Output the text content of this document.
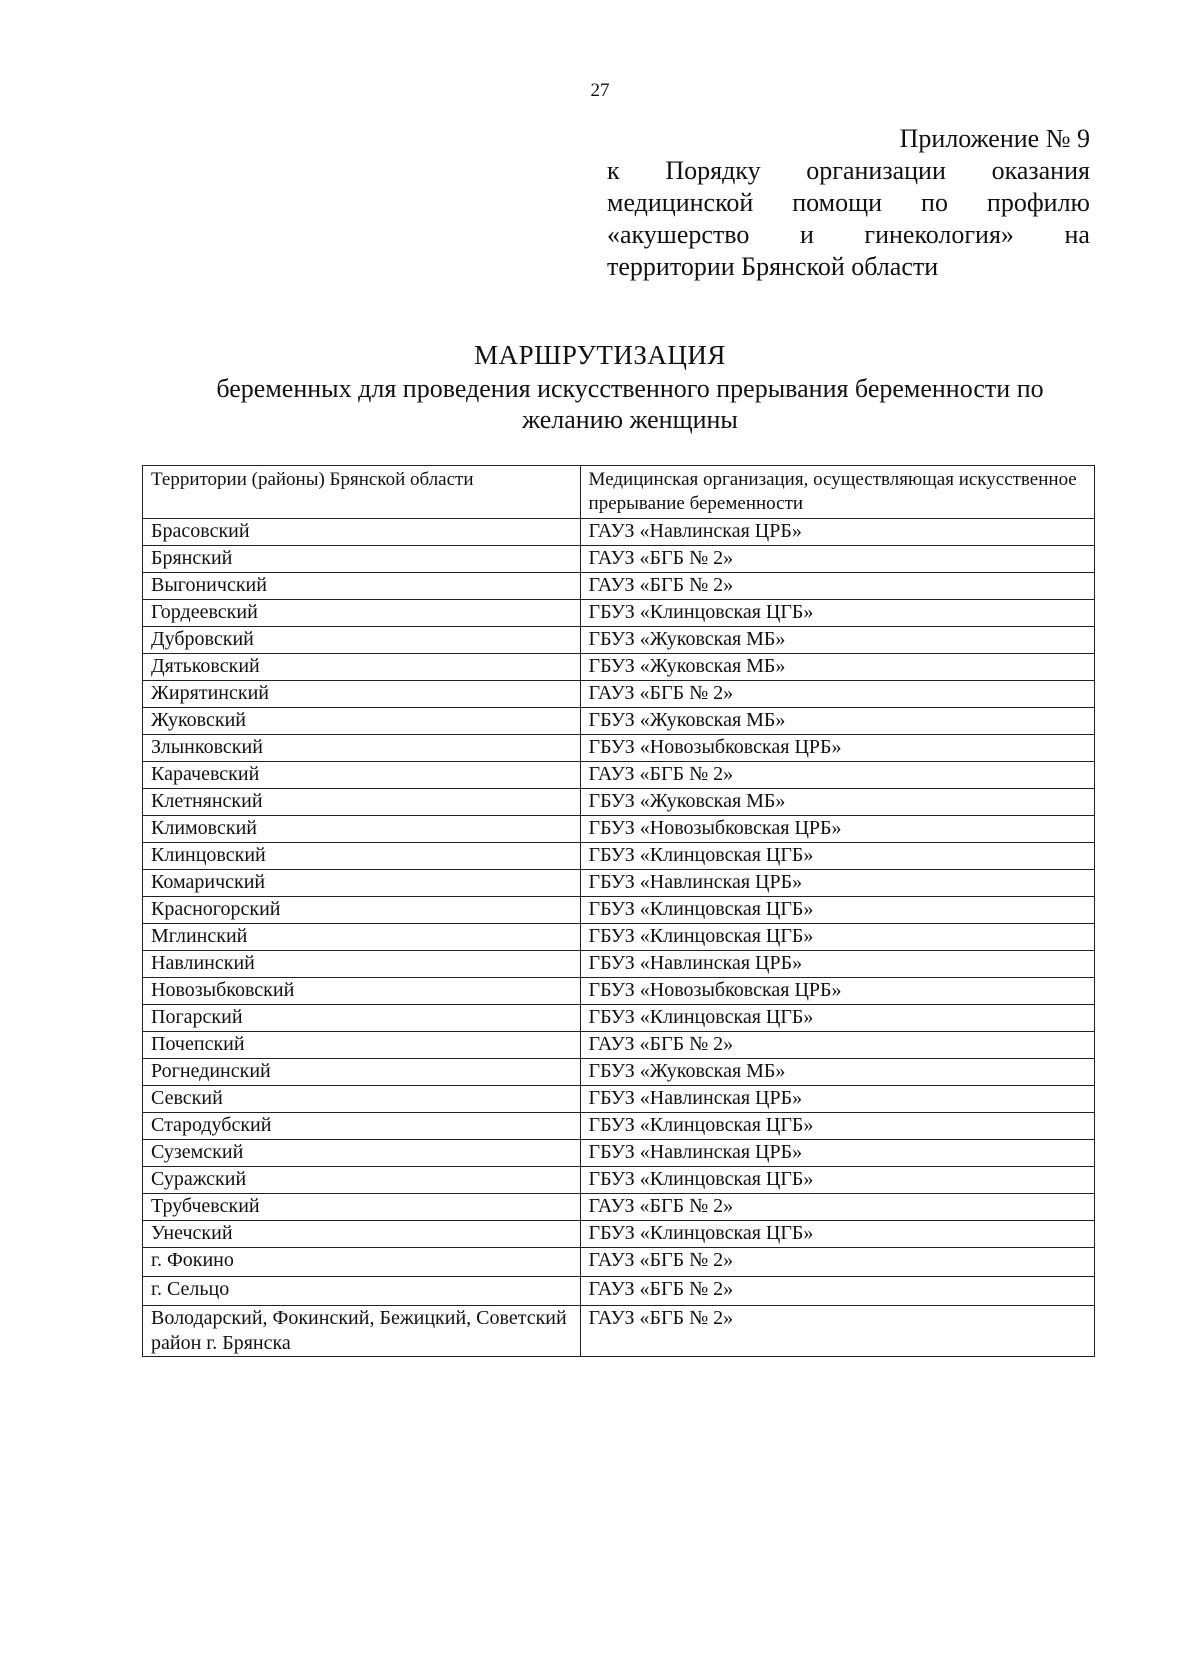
27
Приложение № 9
к Порядку организации оказания
медицинской помощи по профилю
«акушерство и гинекология» на
территории Брянской области
МАРШРУТИЗАЦИЯ
беременных для проведения искусственного прерывания беременности по желанию женщины
Территории (районы) Брянской области	Медицинская организация, осуществляющая искусственное прерывание беременности
Брасовский	ГАУЗ «Навлинская ЦРБ»
Брянский	ГАУЗ «БГБ № 2»
Выгоничский	ГАУЗ «БГБ № 2»
Гордеевский	ГБУЗ «Клинцовская ЦГБ»
Дубровский	ГБУЗ «Жуковская МБ»
Дятьковский	ГБУЗ «Жуковская МБ»
Жирятинский	ГАУЗ «БГБ № 2»
Жуковский	ГБУЗ «Жуковская МБ»
Злынковский	ГБУЗ «Новозыбковская ЦРБ»
Карачевский	ГАУЗ «БГБ № 2»
Клетнянский	ГБУЗ «Жуковская МБ»
Климовский	ГБУЗ «Новозыбковская ЦРБ»
Клинцовский	ГБУЗ «Клинцовская ЦГБ»
Комаричский	ГБУЗ «Навлинская ЦРБ»
Красногорский	ГБУЗ «Клинцовская ЦГБ»
Мглинский	ГБУЗ «Клинцовская ЦГБ»
Навлинский	ГБУЗ «Навлинская ЦРБ»
Новозыбковский	ГБУЗ «Новозыбковская ЦРБ»
Погарский	ГБУЗ «Клинцовская ЦГБ»
Почепский	ГАУЗ «БГБ № 2»
Рогнединский	ГБУЗ «Жуковская МБ»
Севский	ГБУЗ «Навлинская ЦРБ»
Стародубский	ГБУЗ «Клинцовская ЦГБ»
Суземский	ГБУЗ «Навлинская ЦРБ»
Суражский	ГБУЗ «Клинцовская ЦГБ»
Трубчевский	ГАУЗ «БГБ № 2»
Унечский	ГБУЗ «Клинцовская ЦГБ»
г. Фокино	ГАУЗ «БГБ № 2»
г. Сельцо	ГАУЗ «БГБ № 2»
Володарский, Фокинский, Бежицкий, Советский район г. Брянска	ГАУЗ «БГБ № 2»
